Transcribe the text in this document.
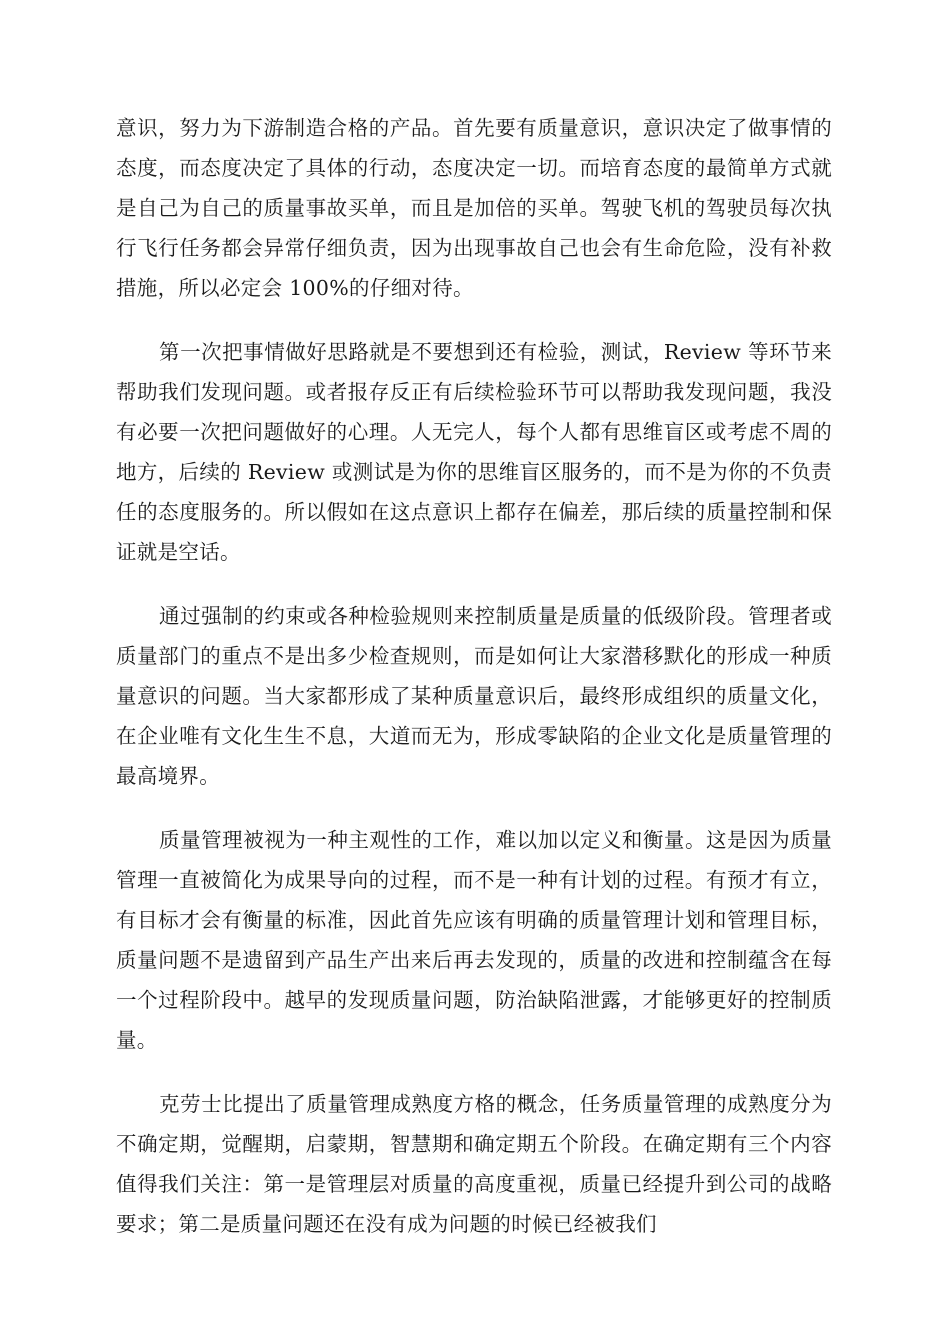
意识，努力为下游制造合格的产品。首先要有质量意识，意识决定了做事情的态度，而态度决定了具体的行动，态度决定一切。而培育态度的最简单方式就是自己为自己的质量事故买单，而且是加倍的买单。驾驶飞机的驾驶员每次执行飞行任务都会异常仔细负责，因为出现事故自己也会有生命危险，没有补救措施，所以必定会 100%的仔细对待。

第一次把事情做好思路就是不要想到还有检验，测试，Review 等环节来帮助我们发现问题。或者报存反正有后续检验环节可以帮助我发现问题，我没有必要一次把问题做好的心理。人无完人，每个人都有思维盲区或考虑不周的地方，后续的 Review 或测试是为你的思维盲区服务的，而不是为你的不负责任的态度服务的。所以假如在这点意识上都存在偏差，那后续的质量控制和保证就是空话。

通过强制的约束或各种检验规则来控制质量是质量的低级阶段。管理者或质量部门的重点不是出多少检查规则，而是如何让大家潜移默化的形成一种质量意识的问题。当大家都形成了某种质量意识后，最终形成组织的质量文化，在企业唯有文化生生不息，大道而无为，形成零缺陷的企业文化是质量管理的最高境界。

质量管理被视为一种主观性的工作，难以加以定义和衡量。这是因为质量管理一直被简化为成果导向的过程，而不是一种有计划的过程。有预才有立，有目标才会有衡量的标准，因此首先应该有明确的质量管理计划和管理目标，质量问题不是遗留到产品生产出来后再去发现的，质量的改进和控制蕴含在每一个过程阶段中。越早的发现质量问题，防治缺陷泄露，才能够更好的控制质量。

克劳士比提出了质量管理成熟度方格的概念，任务质量管理的成熟度分为不确定期，觉醒期，启蒙期，智慧期和确定期五个阶段。在确定期有三个内容值得我们关注：第一是管理层对质量的高度重视，质量已经提升到公司的战略要求；第二是质量问题还在没有成为问题的时候已经被我们
